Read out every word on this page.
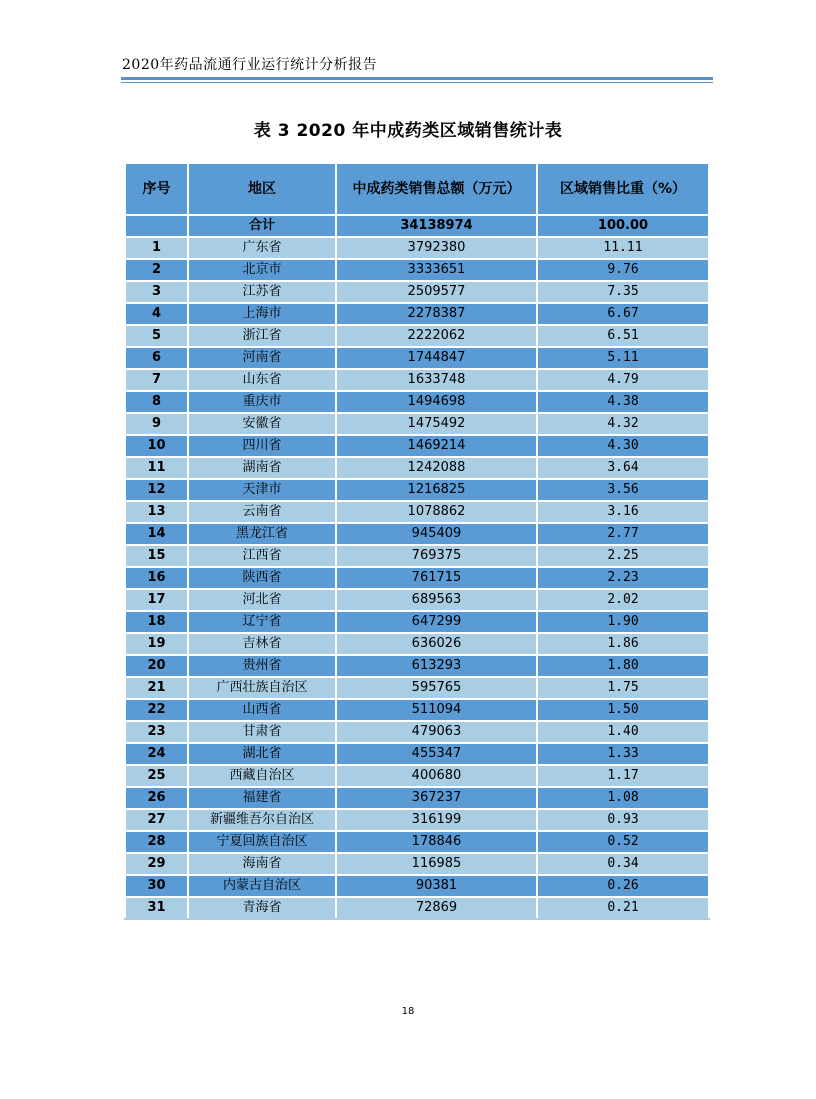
2020年药品流通行业运行统计分析报告
表 3 2020 年中成药类区域销售统计表
序号	地区	中成药类销售总额（万元）	区域销售比重（%）
	合计	34138974	100.00
1	广东省	3792380	11.11
2	北京市	3333651	9.76
3	江苏省	2509577	7.35
4	上海市	2278387	6.67
5	浙江省	2222062	6.51
6	河南省	1744847	5.11
7	山东省	1633748	4.79
8	重庆市	1494698	4.38
9	安徽省	1475492	4.32
10	四川省	1469214	4.30
11	湖南省	1242088	3.64
12	天津市	1216825	3.56
13	云南省	1078862	3.16
14	黑龙江省	945409	2.77
15	江西省	769375	2.25
16	陕西省	761715	2.23
17	河北省	689563	2.02
18	辽宁省	647299	1.90
19	吉林省	636026	1.86
20	贵州省	613293	1.80
21	广西壮族自治区	595765	1.75
22	山西省	511094	1.50
23	甘肃省	479063	1.40
24	湖北省	455347	1.33
25	西藏自治区	400680	1.17
26	福建省	367237	1.08
27	新疆维吾尔自治区	316199	0.93
28	宁夏回族自治区	178846	0.52
29	海南省	116985	0.34
30	内蒙古自治区	90381	0.26
31	青海省	72869	0.21
18
